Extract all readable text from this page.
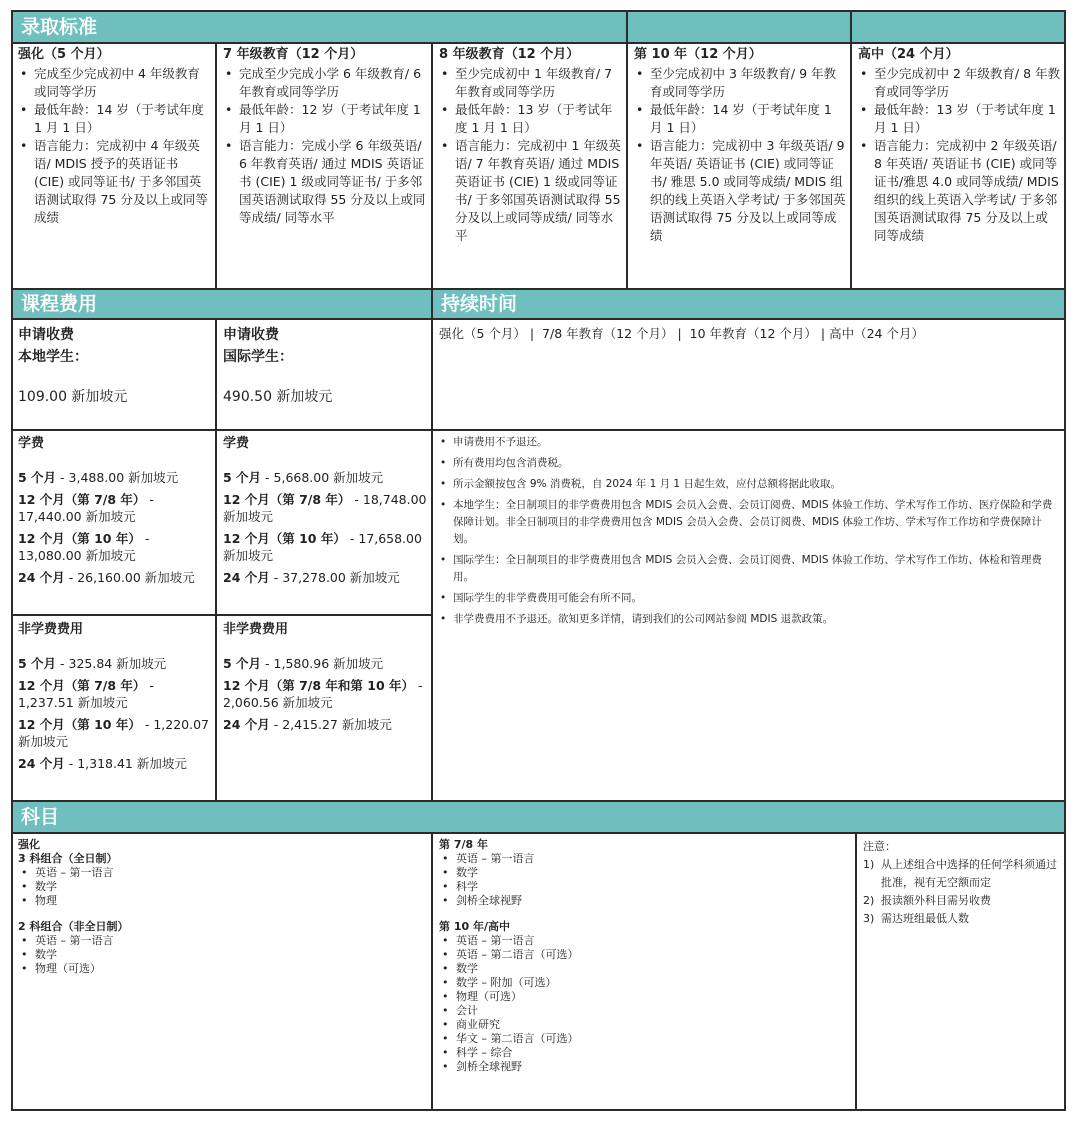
录取标准
强化（5 个月）
• 完成至少完成初中 4 年级教育或同等学历
• 最低年龄：14 岁（于考试年度 1 月 1 日）
• 语言能力：完成初中 4 年级英语/ MDIS 授予的英语证书 (CIE) 或同等证书/ 于多邻国英语测试取得 75 分及以上或同等成绩
7 年级教育（12 个月）
• 完成至少完成小学 6 年级教育/ 6 年教育或同等学历
• 最低年龄：12 岁（于考试年度 1 月 1 日）
• 语言能力：完成小学 6 年级英语/ 6 年教育英语/ 通过 MDIS 英语证书 (CIE) 1 级或同等证书/ 于多邻国英语测试取得 55 分及以上或同等成绩/ 同等水平
8 年级教育（12 个月）
• 至少完成初中 1 年级教育/ 7 年教育或同等学历
• 最低年龄：13 岁（于考试年度 1 月 1 日）
• 语言能力：完成初中 1 年级英语/ 7 年教育英语/ 通过 MDIS 英语证书 (CIE) 1 级或同等证书/ 于多邻国英语测试取得 55 分及以上或同等成绩/ 同等水平
第 10 年（12 个月）
• 至少完成初中 3 年级教育/ 9 年教育或同等学历
• 最低年龄：14 岁（于考试年度 1 月 1 日）
• 语言能力：完成初中 3 年级英语/ 9 年英语/ 英语证书 (CIE) 或同等证书/ 雅思 5.0 或同等成绩/ MDIS 组织的线上英语入学考试/ 于多邻国英语测试取得 75 分及以上或同等成绩
高中（24 个月）
• 至少完成初中 2 年级教育/ 8 年教育或同等学历
• 最低年龄：13 岁（于考试年度 1 月 1 日）
• 语言能力：完成初中 2 年级英语/ 8 年英语/ 英语证书 (CIE) 或同等证书/雅思 4.0 或同等成绩/ MDIS 组织的线上英语入学考试/ 于多邻国英语测试取得 75 分及以上或同等成绩
课程费用	持续时间
申请收费
本地学生：
109.00 新加坡元
申请收费
国际学生：
490.50 新加坡元
强化（5 个月） |  7/8 年教育（12 个月） |  10 年教育（12 个月） | 高中（24 个月）
学费
5 个月 - 3,488.00 新加坡元
12 个月（第 7/8 年） - 17,440.00 新加坡元
12 个月（第 10 年） - 13,080.00 新加坡元
24 个月 - 26,160.00 新加坡元
学费
5 个月 - 5,668.00 新加坡元
12 个月（第 7/8 年） - 18,748.00 新加坡元
12 个月（第 10 年） - 17,658.00 新加坡元
24 个月 - 37,278.00 新加坡元
非学费费用
5 个月 - 325.84 新加坡元
12 个月（第 7/8 年） - 1,237.51 新加坡元
12 个月（第 10 年） - 1,220.07 新加坡元
24 个月 - 1,318.41 新加坡元
非学费费用
5 个月 - 1,580.96 新加坡元
12 个月（第 7/8 年和第 10 年） - 2,060.56 新加坡元
24 个月 - 2,415.27 新加坡元
• 申请费用不予退还。
• 所有费用均包含消费税。
• 所示金额按包含 9% 消费税，自 2024 年 1 月 1 日起生效，应付总额将据此收取。
• 本地学生：全日制项目的非学费费用包含 MDIS 会员入会费、会员订阅费、MDIS 体验工作坊、学术写作工作坊、医疗保险和学费保障计划。非全日制项目的非学费费用包含 MDIS 会员入会费、会员订阅费、MDIS 体验工作坊、学术写作工作坊和学费保障计划。
• 国际学生：全日制项目的非学费费用包含 MDIS 会员入会费、会员订阅费、MDIS 体验工作坊、学术写作工作坊、体检和管理费用。
• 国际学生的非学费费用可能会有所不同。
• 非学费费用不予退还。欲知更多详情，请到我们的公司网站参阅 MDIS 退款政策。
科目
强化
3 科组合（全日制）
• 英语 – 第一语言
• 数学
• 物理
2 科组合（非全日制）
• 英语 – 第一语言
• 数学
• 物理（可选）
第 7/8 年
• 英语 – 第一语言
• 数学
• 科学
• 剑桥全球视野
第 10 年/高中
• 英语 – 第一语言
• 英语 – 第二语言（可选）
• 数学
• 数学 – 附加（可选）
• 物理（可选）
• 会计
• 商业研究
• 华文 – 第二语言（可选）
• 科学 – 综合
• 剑桥全球视野
注意：
1) 从上述组合中选择的任何学科须通过批准，视有无空额而定
2) 报读额外科目需另收费
3) 需达班组最低人数
